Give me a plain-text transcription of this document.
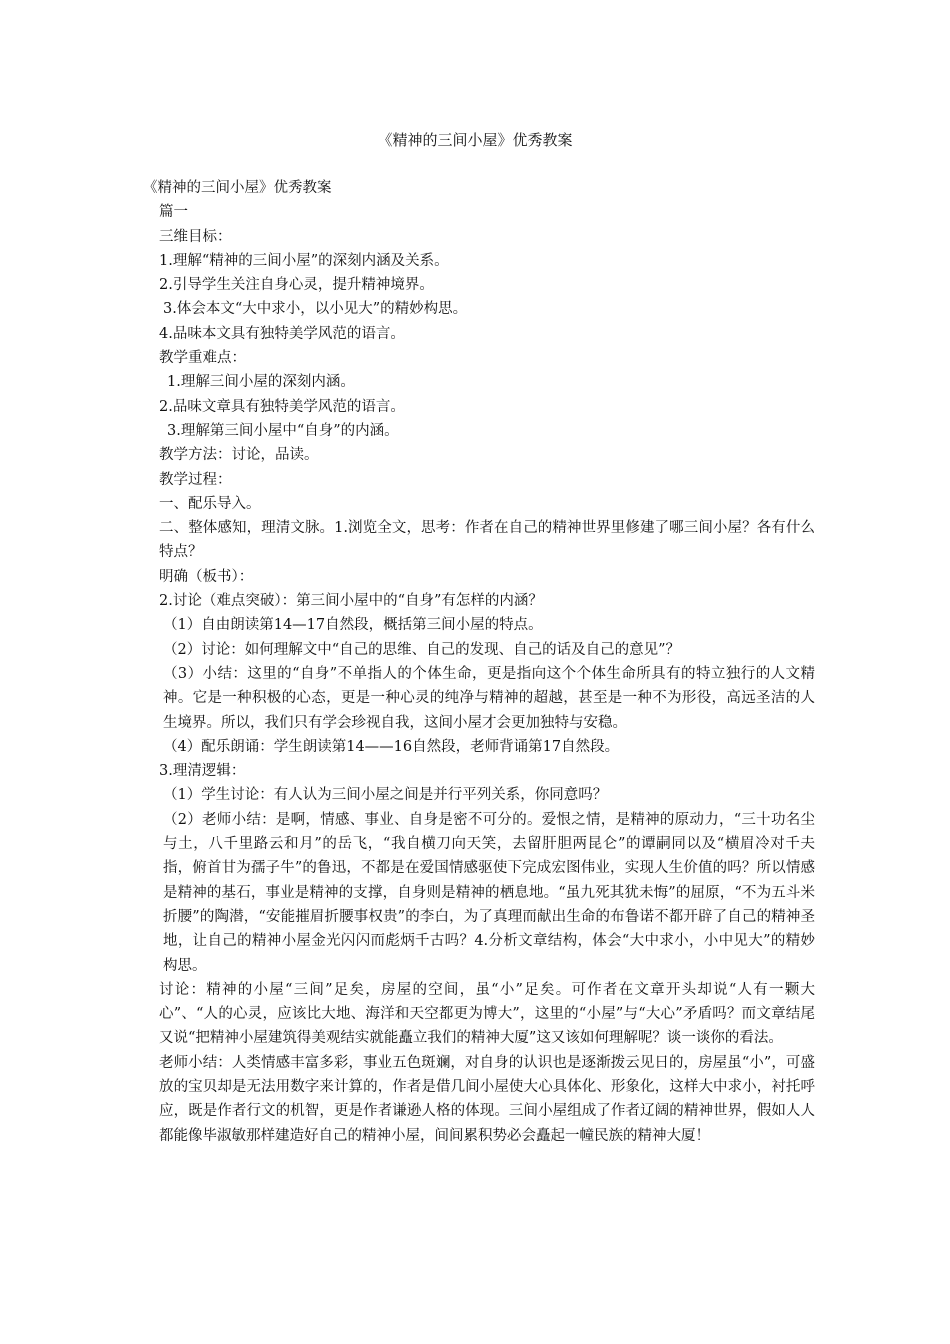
《精神的三间小屋》优秀教案
《精神的三间小屋》优秀教案
篇一
三维目标：
1.理解“精神的三间小屋”的深刻内涵及关系。
2.引导学生关注自身心灵，提升精神境界。
3.体会本文“大中求小，以小见大”的精妙构思。
4.品味本文具有独特美学风范的语言。
教学重难点：
1.理解三间小屋的深刻内涵。
2.品味文章具有独特美学风范的语言。
3.理解第三间小屋中“自身”的内涵。
教学方法：讨论，品读。
教学过程：
一、配乐导入。
二、整体感知，理清文脉。1.浏览全文，思考：作者在自己的精神世界里修建了哪三间小屋？各有什么特点？
明确（板书）：
2.讨论（难点突破）：第三间小屋中的“自身”有怎样的内涵？
（1）自由朗读第14—17自然段，概括第三间小屋的特点。
（2）讨论：如何理解文中“自己的思维、自己的发现、自己的话及自己的意见”？
（3）小结：这里的“自身”不单指人的个体生命，更是指向这个个体生命所具有的特立独行的人文精神。它是一种积极的心态，更是一种心灵的纯净与精神的超越，甚至是一种不为形役，高远圣洁的人生境界。所以，我们只有学会珍视自我，这间小屋才会更加独特与安稳。
（4）配乐朗诵：学生朗读第14——16自然段，老师背诵第17自然段。
3.理清逻辑：
（1）学生讨论：有人认为三间小屋之间是并行平列关系，你同意吗？
（2）老师小结：是啊，情感、事业、自身是密不可分的。爱恨之情，是精神的原动力，“三十功名尘与土，八千里路云和月”的岳飞，“我自横刀向天笑，去留肝胆两昆仑”的谭嗣同以及“横眉冷对千夫指，俯首甘为孺子牛”的鲁迅，不都是在爱国情感驱使下完成宏图伟业，实现人生价值的吗？所以情感是精神的基石，事业是精神的支撑，自身则是精神的栖息地。“虽九死其犹未悔”的屈原，“不为五斗米折腰”的陶潜，“安能摧眉折腰事权贵”的李白，为了真理而献出生命的布鲁诺不都开辟了自己的精神圣地，让自己的精神小屋金光闪闪而彪炳千古吗？4.分析文章结构，体会“大中求小，小中见大”的精妙构思。
讨论：精神的小屋“三间”足矣，房屋的空间，虽“小”足矣。可作者在文章开头却说“人有一颗大心”、“人的心灵，应该比大地、海洋和天空都更为博大”，这里的“小屋”与“大心”矛盾吗？而文章结尾又说“把精神小屋建筑得美观结实就能矗立我们的精神大厦”这又该如何理解呢？谈一谈你的看法。
老师小结：人类情感丰富多彩，事业五色斑斓，对自身的认识也是逐渐拨云见日的，房屋虽“小”，可盛放的宝贝却是无法用数字来计算的，作者是借几间小屋使大心具体化、形象化，这样大中求小，衬托呼应，既是作者行文的机智，更是作者谦逊人格的体现。三间小屋组成了作者辽阔的精神世界，假如人人都能像毕淑敏那样建造好自己的精神小屋，间间累积势必会矗起一幢民族的精神大厦！
